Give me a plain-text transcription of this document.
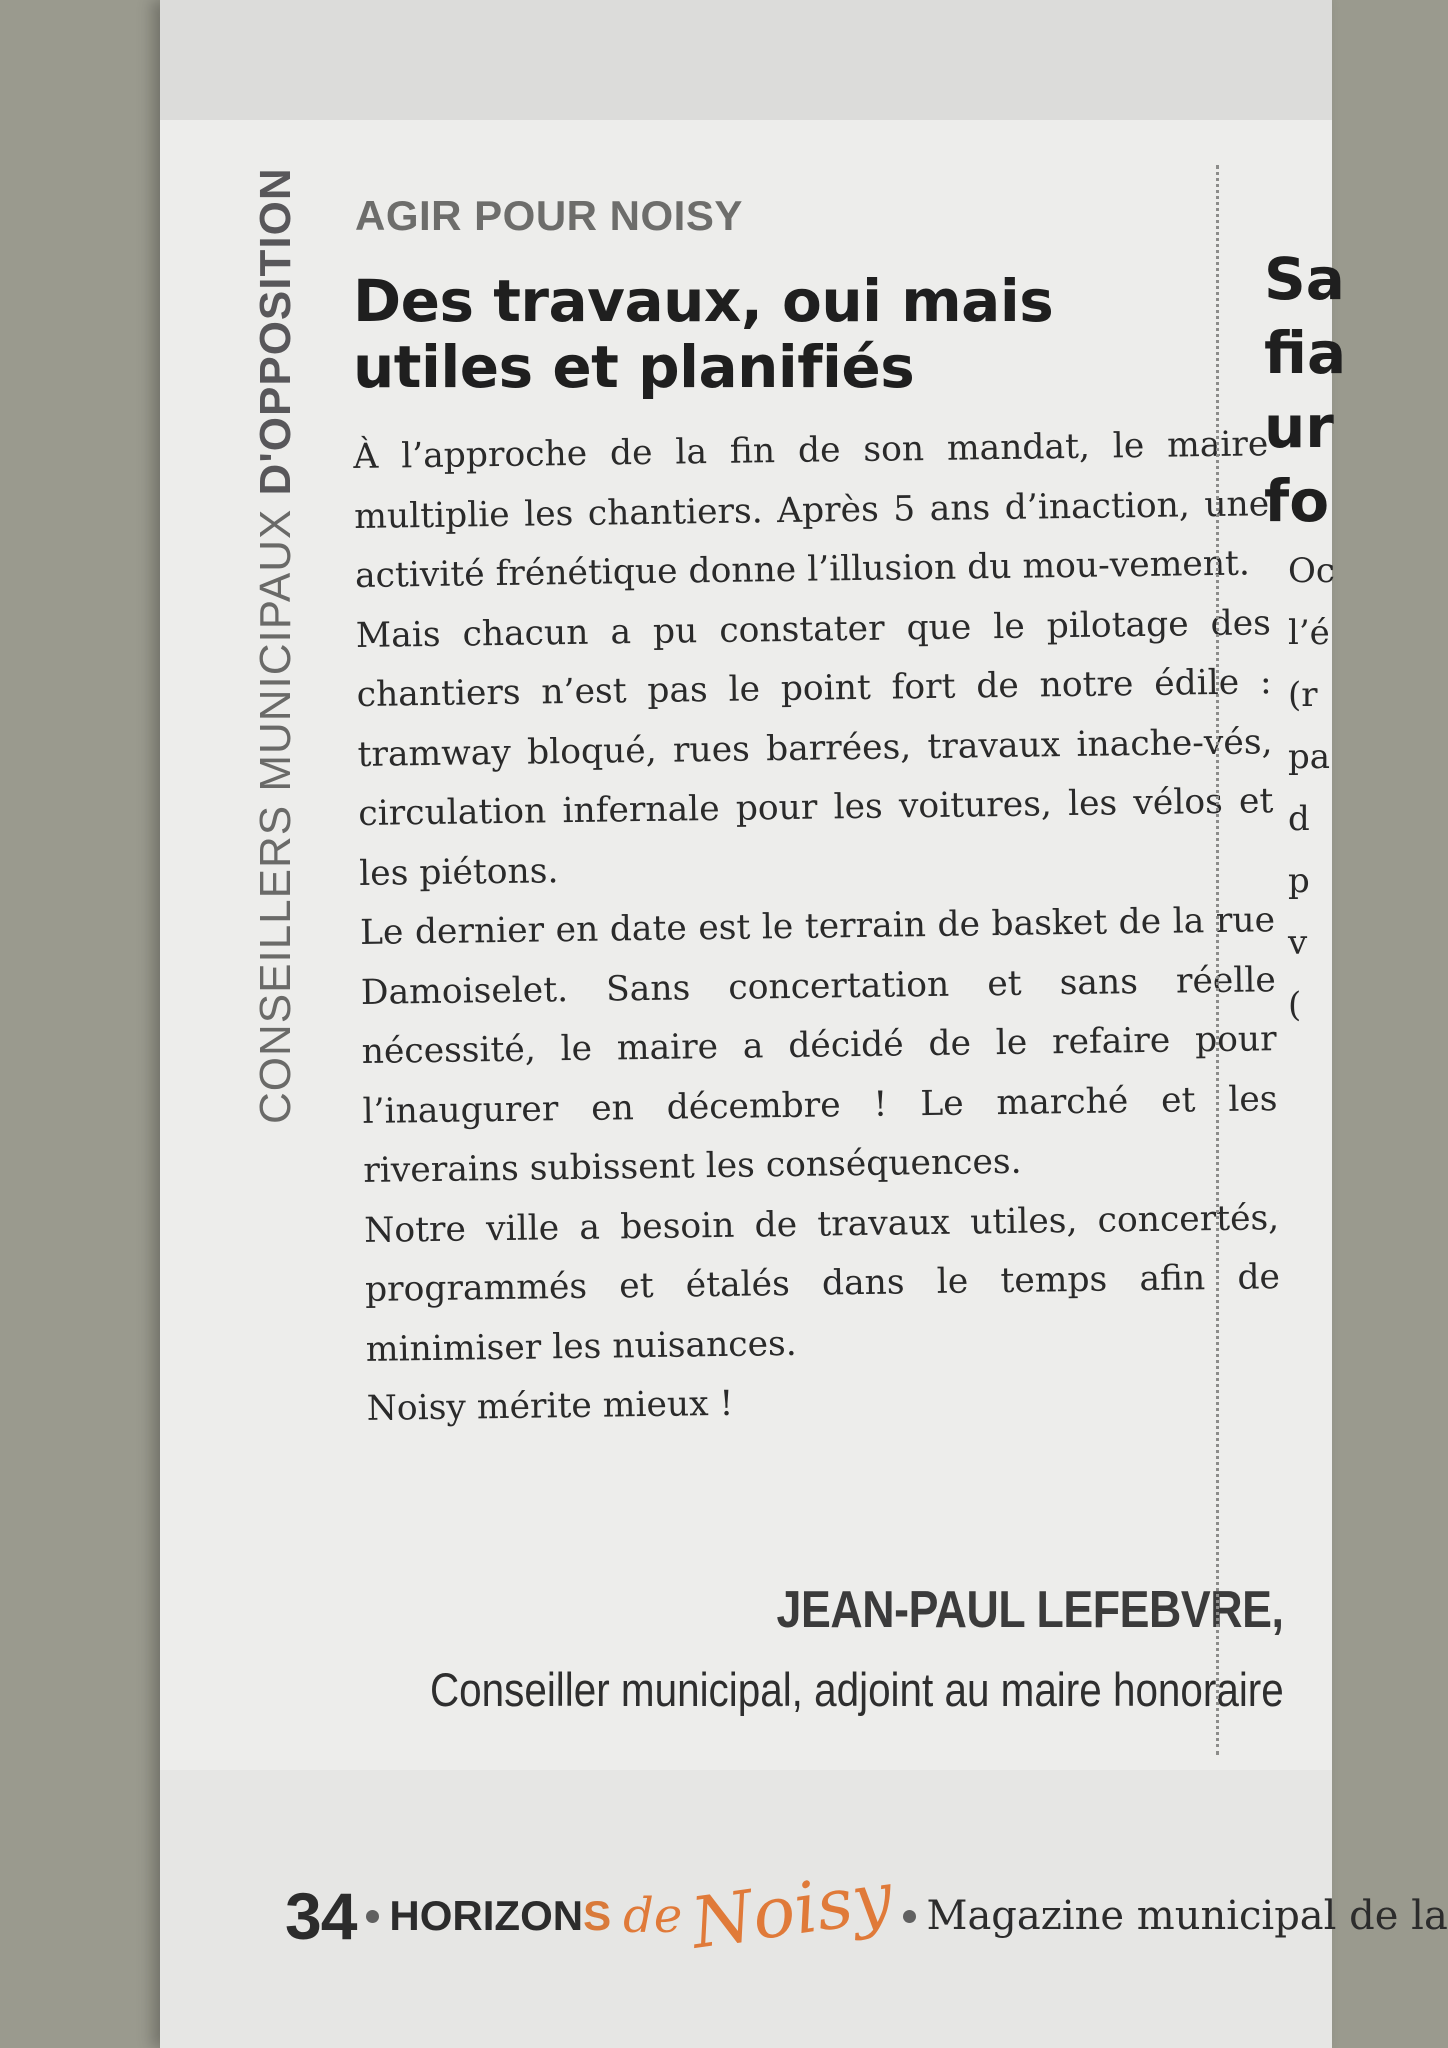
CONSEILLERS MUNICIPAUX D'OPPOSITION AGIR POUR NOISY
Des travaux, oui mais
utiles et planifiés

À l’approche de la fin de son mandat, le maire multiplie les chantiers. Après 5 ans d’inaction, une activité frénétique donne l’illusion du mou-vement.

Mais chacun a pu constater que le pilotage des chantiers n’est pas le point fort de notre édile : tramway bloqué, rues barrées, travaux inache-vés, circulation infernale pour les voitures, les vélos et les piétons.

Le dernier en date est le terrain de basket de la rue Damoiselet. Sans concertation et sans réelle nécessité, le maire a décidé de le refaire pour l’inaugurer en décembre ! Le marché et les riverains subissent les conséquences.

Notre ville a besoin de travaux utiles, concertés, programmés et étalés dans le temps afin de minimiser les nuisances.

Noisy mérite mieux !

JEAN-PAUL LEFEBVRE,
Conseiller municipal, adjoint au maire honoraire
Sa
fia
ur
fo
Oc
l’é
(r
pa
d
p
v
(
34 HORIZONS de Noisy Magazine municipal de la
